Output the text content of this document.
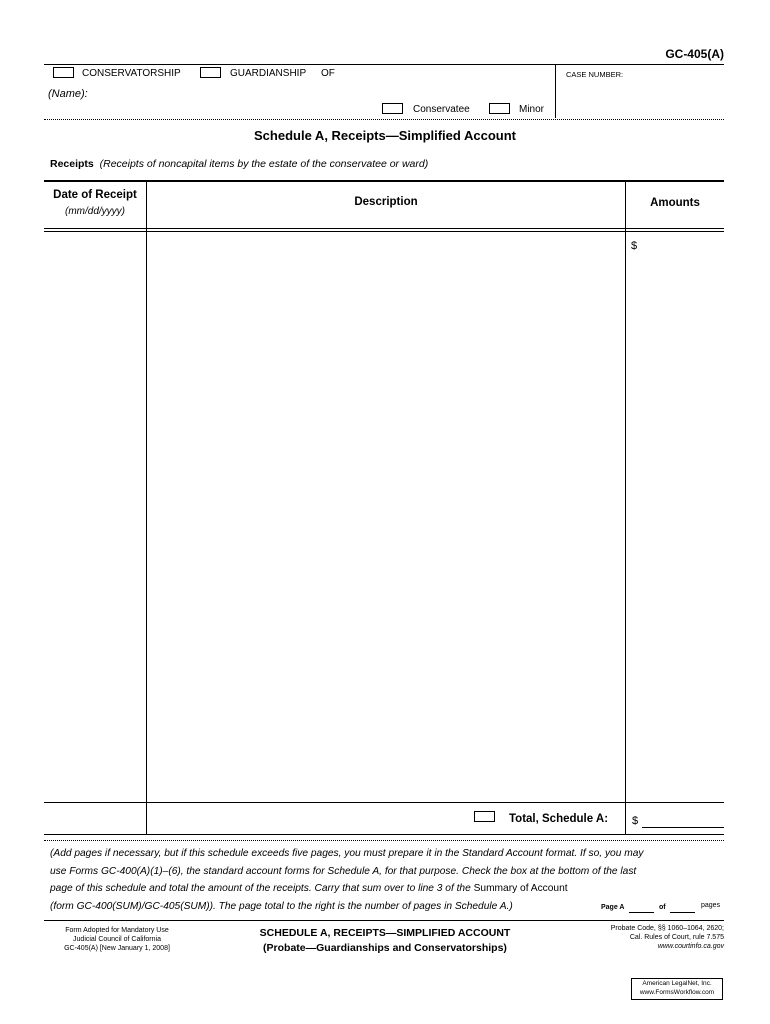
GC-405(A)
CONSERVATORSHIP	GUARDIANSHIP OF
(Name):
Conservatee	Minor
CASE NUMBER:
Schedule A, Receipts—Simplified Account
Receipts (Receipts of noncapital items by the estate of the conservatee or ward)
Date of Receipt
(mm/dd/yyyy)
Description	Amounts
$
Total, Schedule A: $
(Add pages if necessary, but if this schedule exceeds five pages, you must prepare it in the Standard Account format. If so, you may
use Forms GC-400(A)(1)–(6), the standard account forms for Schedule A, for that purpose. Check the box at the bottom of the last
page of this schedule and total the amount of the receipts. Carry that sum over to line 3 of the Summary of Account
(form GC-400(SUM)/GC-405(SUM)). The page total to the right is the number of pages in Schedule A.)	Page A	of	pages
Form Adopted for Mandatory Use
Judicial Council of California
GC-405(A) [New January 1, 2008]
SCHEDULE A, RECEIPTS—SIMPLIFIED ACCOUNT
(Probate—Guardianships and Conservatorships)
Probate Code, §§ 1060–1064, 2620;
Cal. Rules of Court, rule 7.575
www.courtinfo.ca.gov
American LegalNet, Inc.
www.FormsWorkflow.com
